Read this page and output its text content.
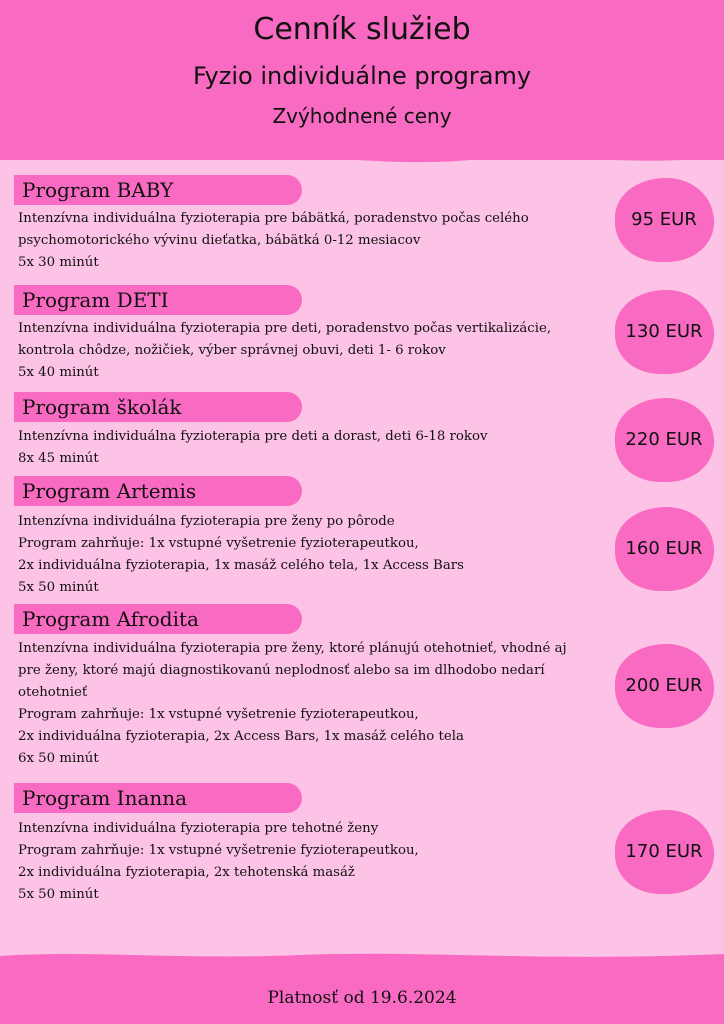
Cenník služieb
Fyzio individuálne programy
Zvýhodnené ceny
Program BABY
Intenzívna individuálna fyzioterapia pre bábätká, poradenstvo počas celého
psychomotorického vývinu dieťatka, bábätká 0-12 mesiacov
5x 30 minút
95 EUR
Program DETI
Intenzívna individuálna fyzioterapia pre deti, poradenstvo počas vertikalizácie,
kontrola chôdze, nožičiek, výber správnej obuvi, deti 1- 6 rokov
5x 40 minút
130 EUR
Program školák
Intenzívna individuálna fyzioterapia pre deti a dorast, deti 6-18 rokov
8x 45 minút
220 EUR
Program Artemis
Intenzívna individuálna fyzioterapia pre ženy po pôrode
Program zahrňuje: 1x vstupné vyšetrenie fyzioterapeutkou,
2x individuálna fyzioterapia, 1x masáž celého tela, 1x Access Bars
5x 50 minút
160 EUR
Program Afrodita
Intenzívna individuálna fyzioterapia pre ženy, ktoré plánujú otehotnieť, vhodné aj
pre ženy, ktoré majú diagnostikovanú neplodnosť alebo sa im dlhodobo nedarí
otehotnieť
Program zahrňuje: 1x vstupné vyšetrenie fyzioterapeutkou,
2x individuálna fyzioterapia, 2x Access Bars, 1x masáž celého tela
6x 50 minút
200 EUR
Program Inanna
Intenzívna individuálna fyzioterapia pre tehotné ženy
Program zahrňuje: 1x vstupné vyšetrenie fyzioterapeutkou,
2x individuálna fyzioterapia, 2x tehotenská masáž
5x 50 minút
170 EUR
Platnosť od 19.6.2024
